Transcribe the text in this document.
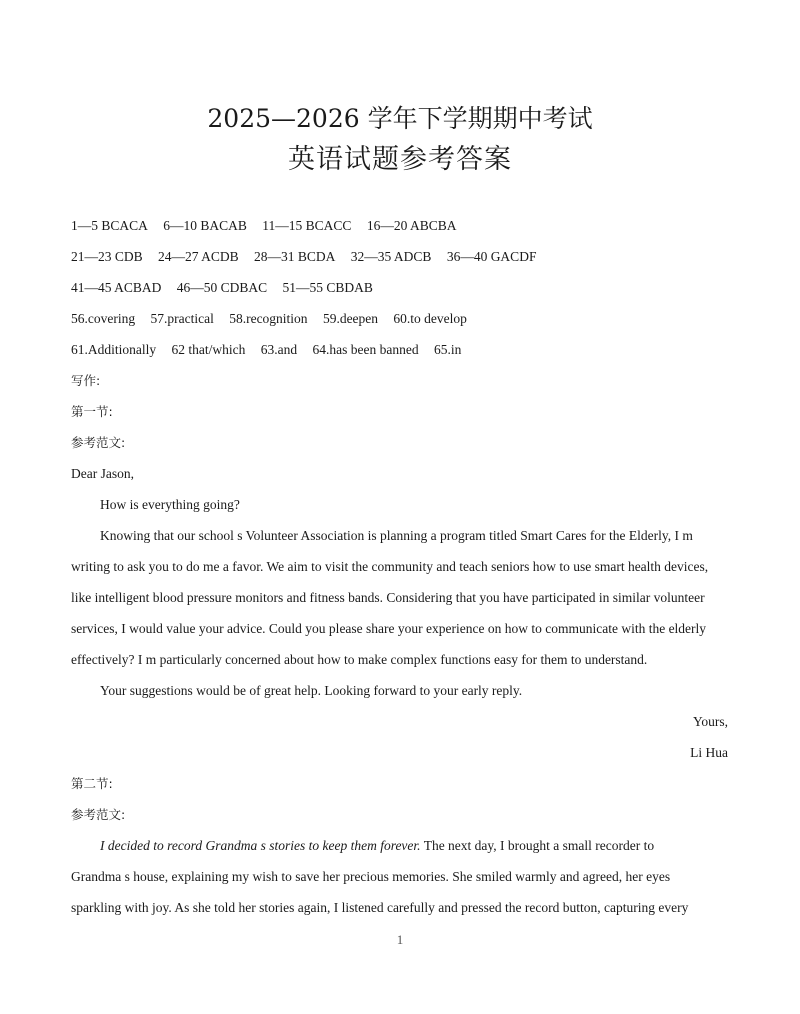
2025—2026 学年下学期期中考试
英语试题参考答案
1—5 BCACA 6—10 BACAB 11—15 BCACC 16—20 ABCBA
21—23 CDB 24—27 ACDB 28—31 BCDA 32—35 ADCB 36—40 GACDF
41—45 ACBAD 46—50 CDBAC 51—55 CBDAB
56.covering 57.practical 58.recognition 59.deepen 60.to develop
61.Additionally 62 that/which 63.and 64.has been banned 65.in
写作:
第一节:
参考范文:
Dear Jason,
How is everything going?
Knowing that our school s Volunteer Association is planning a program titled Smart Cares for the Elderly, I m
writing to ask you to do me a favor. We aim to visit the community and teach seniors how to use smart health devices,
like intelligent blood pressure monitors and fitness bands. Considering that you have participated in similar volunteer
services, I would value your advice. Could you please share your experience on how to communicate with the elderly
effectively? I m particularly concerned about how to make complex functions easy for them to understand.
Your suggestions would be of great help. Looking forward to your early reply.
Yours,
Li Hua
第二节:
参考范文:
I decided to record Grandma s stories to keep them forever. The next day, I brought a small recorder to
Grandma s house, explaining my wish to save her precious memories. She smiled warmly and agreed, her eyes
sparkling with joy. As she told her stories again, I listened carefully and pressed the record button, capturing every
1
